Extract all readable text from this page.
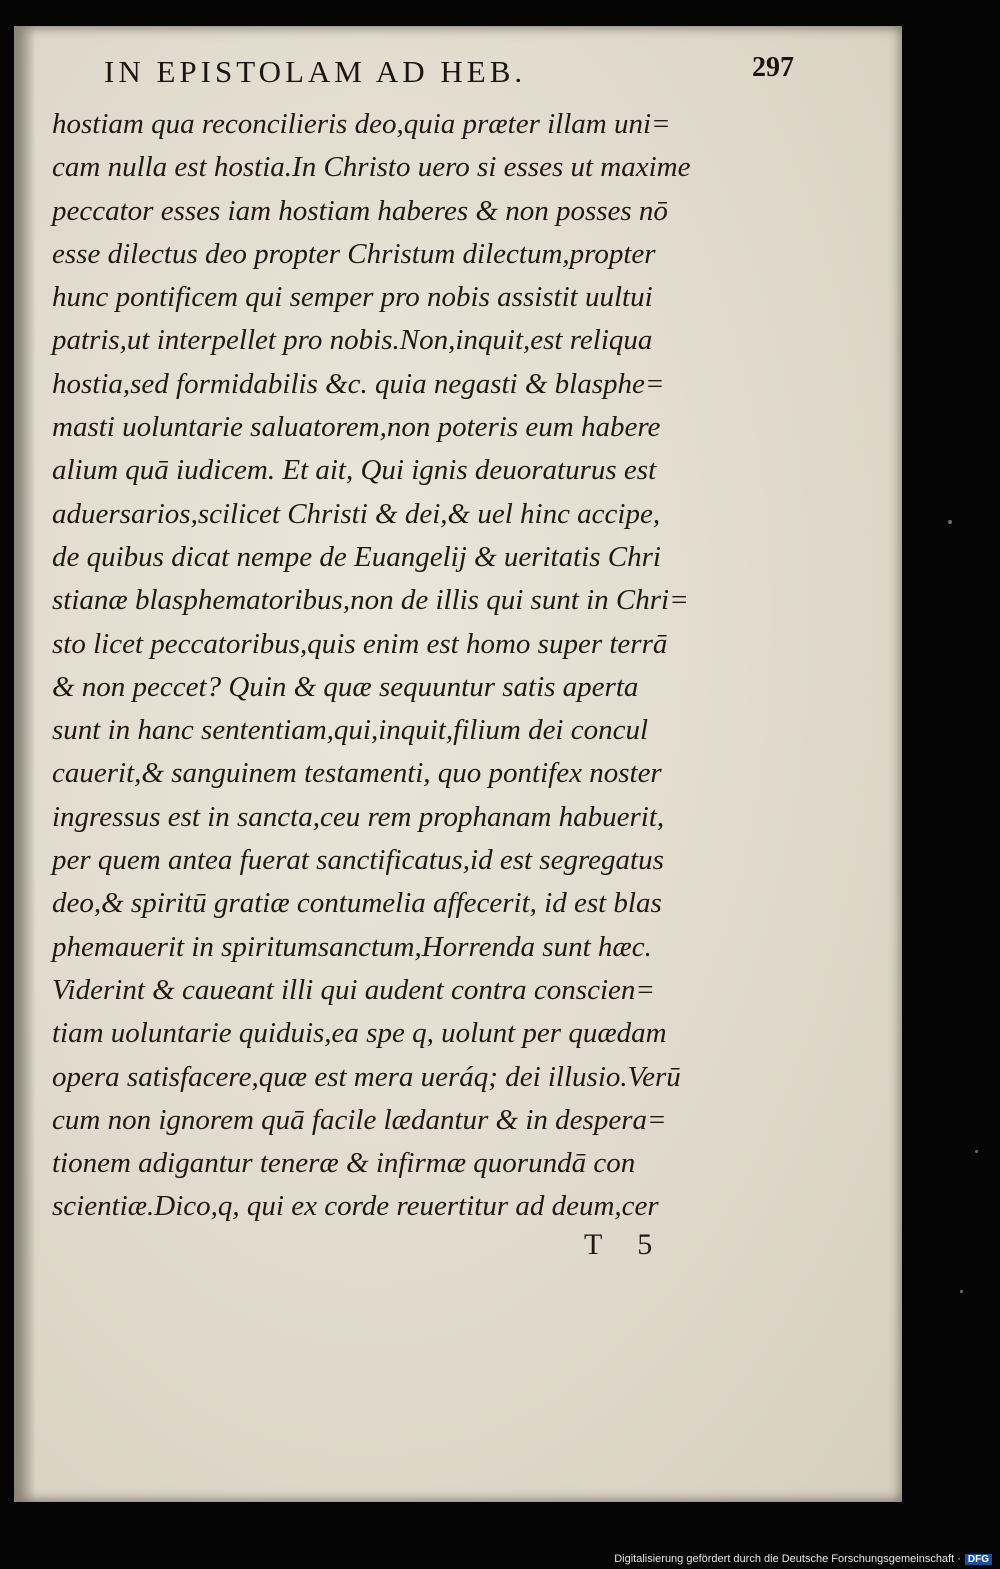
IN EPISTOLAM AD HEB.	297
hostiam qua reconcilieris deo,quia præter illam uni=
cam nulla est hostia.In Christo uero si esses ut maxime
peccator esses iam hostiam haberes & non posses nō
esse dilectus deo propter Christum dilectum,propter
hunc pontificem qui semper pro nobis assistit uultui
patris,ut interpellet pro nobis.Non,inquit,est reliqua
hostia,sed formidabilis &c. quia negasti & blasphe=
masti uoluntarie saluatorem,non poteris eum habere
alium quā iudicem. Et ait, Qui ignis deuoraturus est
aduersarios,scilicet Christi & dei,& uel hinc accipe,
de quibus dicat nempe de Euangelij & ueritatis Chri
stianæ blasphematoribus,non de illis qui sunt in Chri=
sto licet peccatoribus,quis enim est homo super terrā
& non peccet? Quin & quæ sequuntur satis aperta
sunt in hanc sententiam,qui,inquit,filium dei concul
cauerit,& sanguinem testamenti, quo pontifex noster
ingressus est in sancta,ceu rem prophanam habuerit,
per quem antea fuerat sanctificatus,id est segregatus
deo,& spiritū gratiæ contumelia affecerit, id est blas
phemauerit in spiritumsanctum,Horrenda sunt hæc.
Viderint & caueant illi qui audent contra conscien=
tiam uoluntarie quiduis,ea spe q, uolunt per quædam
opera satisfacere,quæ est mera ueráq; dei illusio.Verū
cum non ignorem quā facile lædantur & in despera=
tionem adigantur teneræ & infirmæ quorundā con
scientiæ.Dico,q, qui ex corde reuertitur ad deum,cer
T 5
Digitalisierung gefördert durch die Deutsche Forschungsgemeinschaft · DFG
